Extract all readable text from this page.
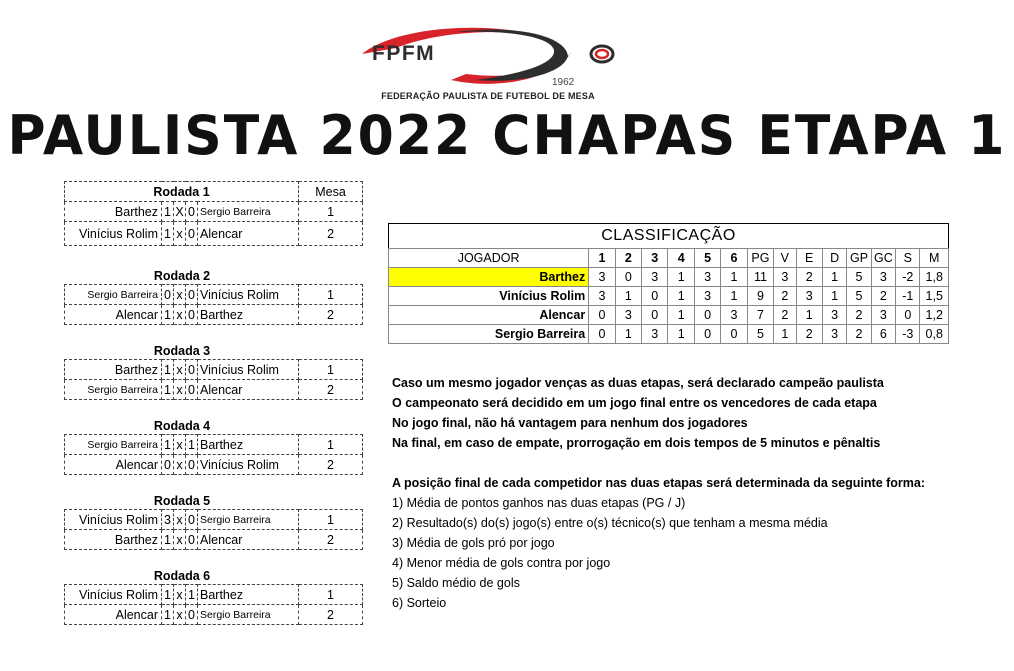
FPFM
1962
FEDERAÇÃO PAULISTA DE FUTEBOL DE MESA
PAULISTA 2022 CHAPAS ETAPA 1
Rodada 1					Mesa
Barthez	1	X	0	Sergio Barreira	1
Vinícius Rolim	1	x	0	Alencar	2
Rodada 2
Sergio Barreira	0	x	0	Vinícius Rolim	1
Alencar	1	x	0	Barthez	2
Rodada 3
Barthez	1	x	0	Vinícius Rolim	1
Sergio Barreira	1	x	0	Alencar	2
Rodada 4
Sergio Barreira	1	x	1	Barthez	1
Alencar	0	x	0	Vinícius Rolim	2
Rodada 5
Vinícius Rolim	3	x	0	Sergio Barreira	1
Barthez	1	x	0	Alencar	2
Rodada 6
Vinícius Rolim	1	x	1	Barthez	1
Alencar	1	x	0	Sergio Barreira	2
CLASSIFICAÇÃO
JOGADOR	1	2	3	4	5	6	PG	V	E	D	GP	GC	S	M
Barthez	3	0	3	1	3	1	11	3	2	1	5	3	-2	1,8
Vinícius Rolim	3	1	0	1	3	1	9	2	3	1	5	2	-1	1,5
Alencar	0	3	0	1	0	3	7	2	1	3	2	3	0	1,2
Sergio Barreira	0	1	3	1	0	0	5	1	2	3	2	6	-3	0,8
Caso um mesmo jogador venças as duas etapas, será declarado campeão paulista
O campeonato será decidido em um jogo final entre os vencedores de cada etapa
No jogo final, não há vantagem para nenhum dos jogadores
Na final, em caso de empate, prorrogação em dois tempos de 5 minutos e pênaltis
A posição final de cada competidor nas duas etapas será determinada da seguinte forma:
1) Média de pontos ganhos nas duas etapas (PG / J)
2) Resultado(s) do(s) jogo(s) entre o(s) técnico(s) que tenham a mesma média
3) Média de gols pró por jogo
4) Menor média de gols contra por jogo
5) Saldo médio de gols
6) Sorteio
